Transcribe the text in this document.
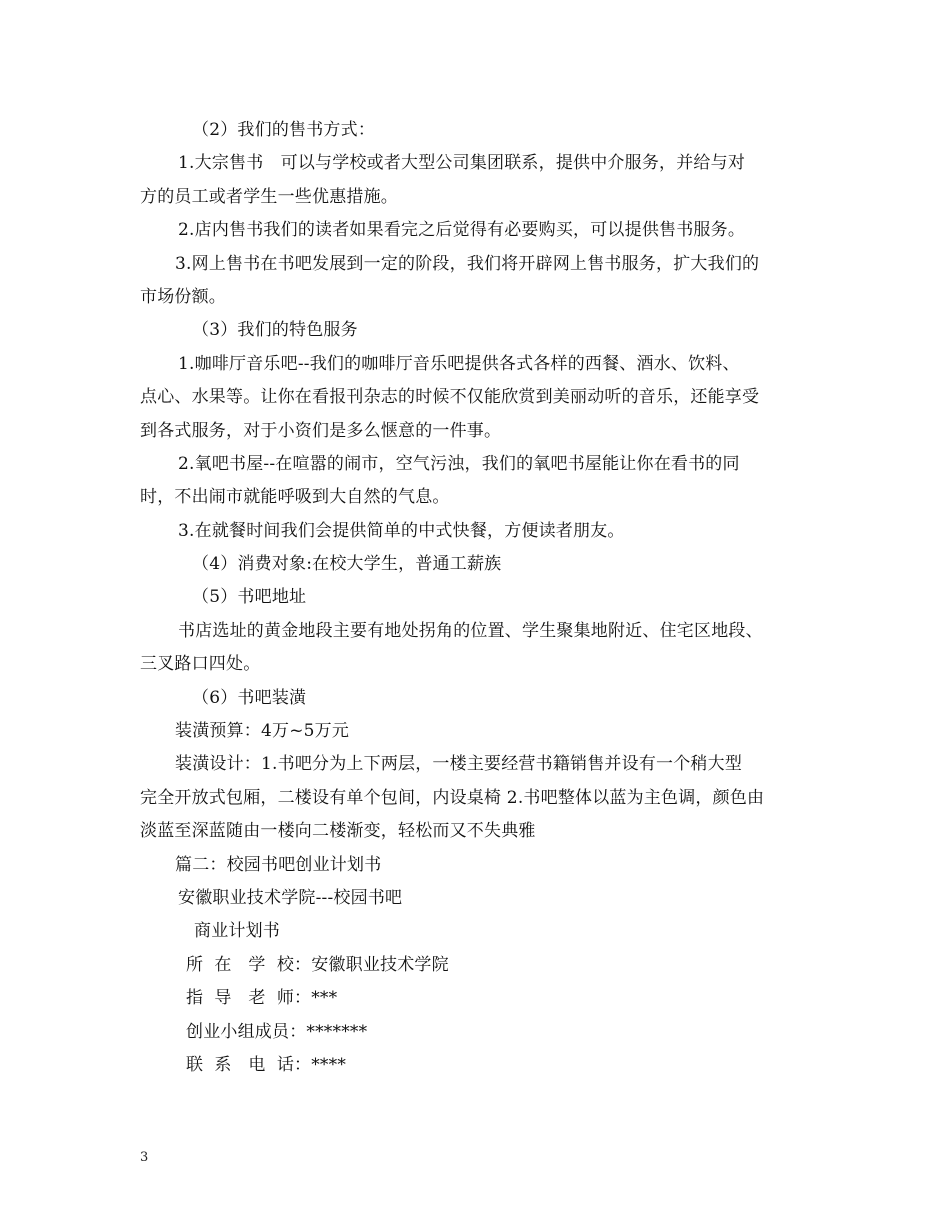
（2）我们的售书方式：
1.大宗售书　可以与学校或者大型公司集团联系，提供中介服务，并给与对
方的员工或者学生一些优惠措施。
2.店内售书我们的读者如果看完之后觉得有必要购买，可以提供售书服务。
3.网上售书在书吧发展到一定的阶段，我们将开辟网上售书服务，扩大我们的
市场份额。
（3）我们的特色服务
1.咖啡厅音乐吧--我们的咖啡厅音乐吧提供各式各样的西餐、酒水、饮料、
点心、水果等。让你在看报刊杂志的时候不仅能欣赏到美丽动听的音乐，还能享受
到各式服务，对于小资们是多么惬意的一件事。
2.氧吧书屋--在喧嚣的闹市，空气污浊，我们的氧吧书屋能让你在看书的同
时，不出闹市就能呼吸到大自然的气息。
3.在就餐时间我们会提供简单的中式快餐，方便读者朋友。
（4）消费对象:在校大学生，普通工薪族
（5）书吧地址
书店选址的黄金地段主要有地处拐角的位置、学生聚集地附近、住宅区地段、
三叉路口四处。
（6）书吧装潢
装潢预算：4万~5万元
装潢设计：1.书吧分为上下两层，一楼主要经营书籍销售并设有一个稍大型
完全开放式包厢，二楼设有单个包间，内设桌椅 2.书吧整体以蓝为主色调，颜色由
淡蓝至深蓝随由一楼向二楼渐变，轻松而又不失典雅
篇二：校园书吧创业计划书
安徽职业技术学院---校园书吧
商业计划书
所  在   学  校：安徽职业技术学院
指  导   老  师：***
创业小组成员：*******
联  系   电  话：****
3
